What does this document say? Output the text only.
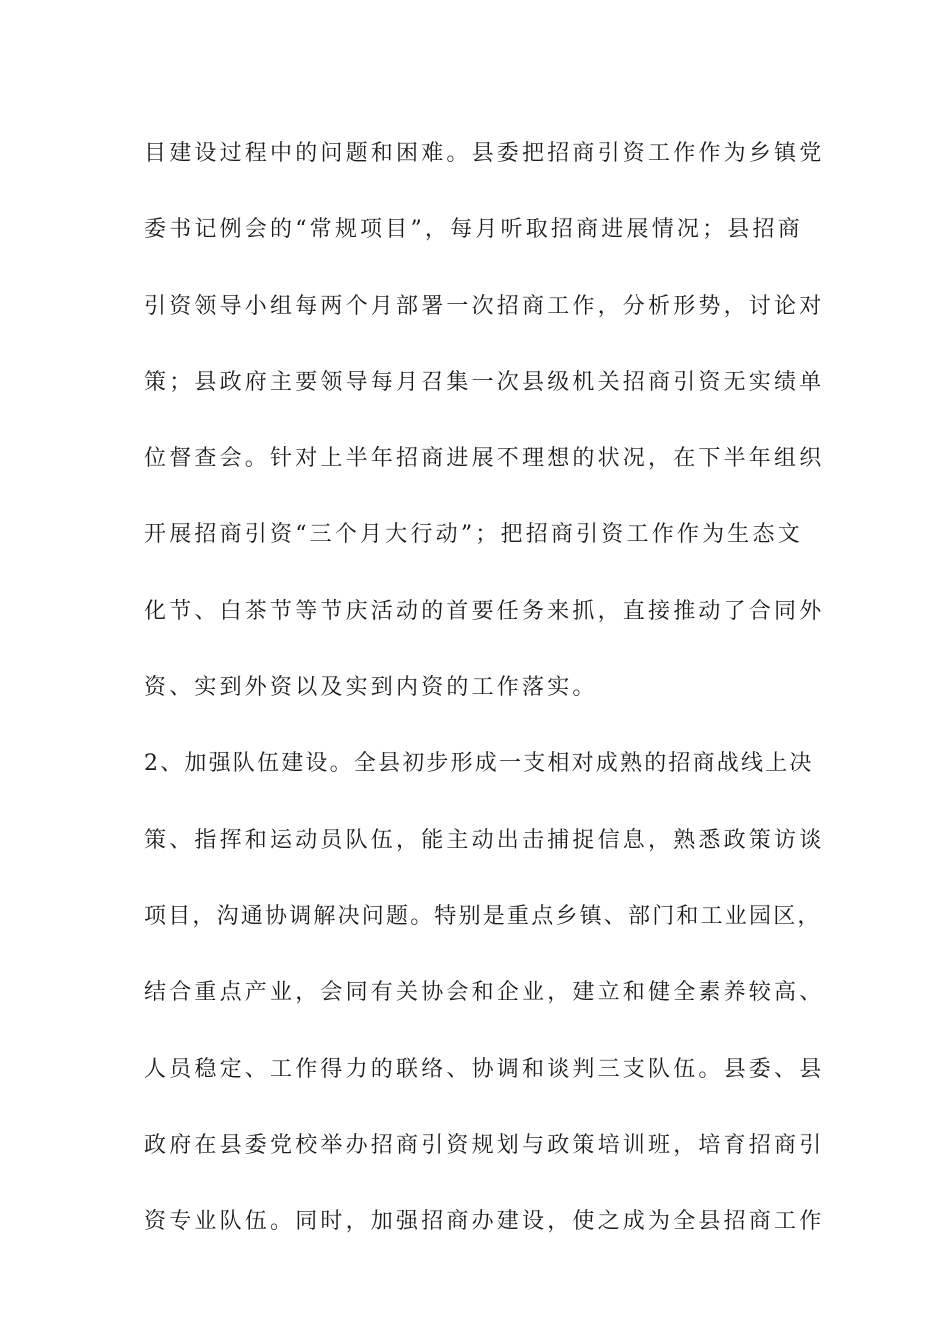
目建设过程中的问题和困难。县委把招商引资工作作为乡镇党
委书记例会的“常规项目”，每月听取招商进展情况；县招商
引资领导小组每两个月部署一次招商工作，分析形势，讨论对
策；县政府主要领导每月召集一次县级机关招商引资无实绩单
位督查会。针对上半年招商进展不理想的状况，在下半年组织
开展招商引资“三个月大行动”；把招商引资工作作为生态文
化节、白茶节等节庆活动的首要任务来抓，直接推动了合同外
资、实到外资以及实到内资的工作落实。
2、加强队伍建设。全县初步形成一支相对成熟的招商战线上决
策、指挥和运动员队伍，能主动出击捕捉信息，熟悉政策访谈
项目，沟通协调解决问题。特别是重点乡镇、部门和工业园区，
结合重点产业，会同有关协会和企业，建立和健全素养较高、
人员稳定、工作得力的联络、协调和谈判三支队伍。县委、县
政府在县委党校举办招商引资规划与政策培训班，培育招商引
资专业队伍。同时，加强招商办建设，使之成为全县招商工作
